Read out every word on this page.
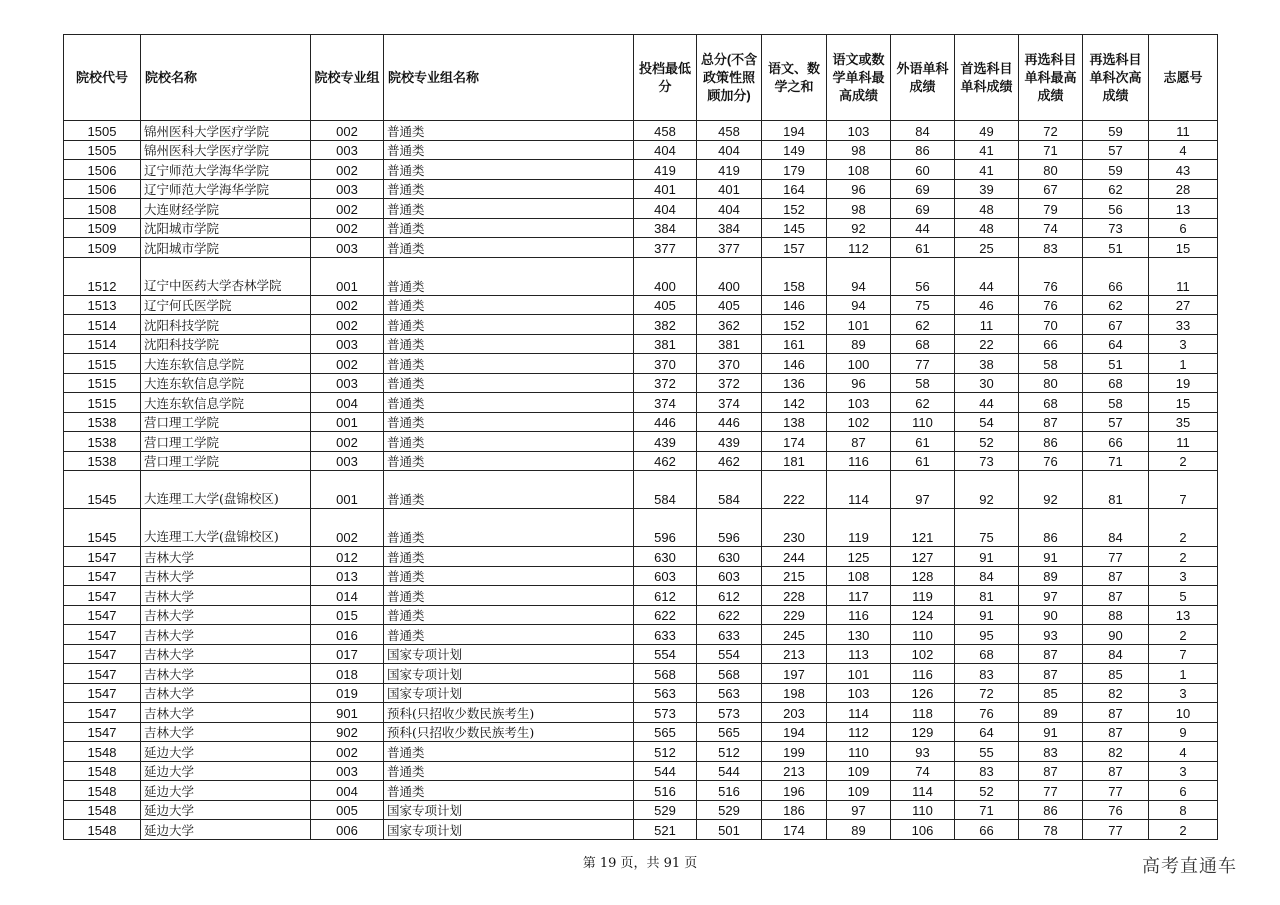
院校代号	院校名称	院校专业组	院校专业组名称	投档最低分	总分(不含政策性照顾加分)	语文、数学之和	语文或数学单科最高成绩	外语单科成绩	首选科目单科成绩	再选科目单科最高成绩	再选科目单科次高成绩	志愿号
1505	锦州医科大学医疗学院	002	普通类	458	458	194	103	84	49	72	59	11
1505	锦州医科大学医疗学院	003	普通类	404	404	149	98	86	41	71	57	4
1506	辽宁师范大学海华学院	002	普通类	419	419	179	108	60	41	80	59	43
1506	辽宁师范大学海华学院	003	普通类	401	401	164	96	69	39	67	62	28
1508	大连财经学院	002	普通类	404	404	152	98	69	48	79	56	13
1509	沈阳城市学院	002	普通类	384	384	145	92	44	48	74	73	6
1509	沈阳城市学院	003	普通类	377	377	157	112	61	25	83	51	15
1512	辽宁中医药大学杏林学院	001	普通类	400	400	158	94	56	44	76	66	11
1513	辽宁何氏医学院	002	普通类	405	405	146	94	75	46	76	62	27
1514	沈阳科技学院	002	普通类	382	362	152	101	62	11	70	67	33
1514	沈阳科技学院	003	普通类	381	381	161	89	68	22	66	64	3
1515	大连东软信息学院	002	普通类	370	370	146	100	77	38	58	51	1
1515	大连东软信息学院	003	普通类	372	372	136	96	58	30	80	68	19
1515	大连东软信息学院	004	普通类	374	374	142	103	62	44	68	58	15
1538	营口理工学院	001	普通类	446	446	138	102	110	54	87	57	35
1538	营口理工学院	002	普通类	439	439	174	87	61	52	86	66	11
1538	营口理工学院	003	普通类	462	462	181	116	61	73	76	71	2
1545	大连理工大学(盘锦校区)	001	普通类	584	584	222	114	97	92	92	81	7
1545	大连理工大学(盘锦校区)	002	普通类	596	596	230	119	121	75	86	84	2
1547	吉林大学	012	普通类	630	630	244	125	127	91	91	77	2
1547	吉林大学	013	普通类	603	603	215	108	128	84	89	87	3
1547	吉林大学	014	普通类	612	612	228	117	119	81	97	87	5
1547	吉林大学	015	普通类	622	622	229	116	124	91	90	88	13
1547	吉林大学	016	普通类	633	633	245	130	110	95	93	90	2
1547	吉林大学	017	国家专项计划	554	554	213	113	102	68	87	84	7
1547	吉林大学	018	国家专项计划	568	568	197	101	116	83	87	85	1
1547	吉林大学	019	国家专项计划	563	563	198	103	126	72	85	82	3
1547	吉林大学	901	预科(只招收少数民族考生)	573	573	203	114	118	76	89	87	10
1547	吉林大学	902	预科(只招收少数民族考生)	565	565	194	112	129	64	91	87	9
1548	延边大学	002	普通类	512	512	199	110	93	55	83	82	4
1548	延边大学	003	普通类	544	544	213	109	74	83	87	87	3
1548	延边大学	004	普通类	516	516	196	109	114	52	77	77	6
1548	延边大学	005	国家专项计划	529	529	186	97	110	71	86	76	8
1548	延边大学	006	国家专项计划	521	501	174	89	106	66	78	77	2
第 19 页，共 91 页	高考直通车
